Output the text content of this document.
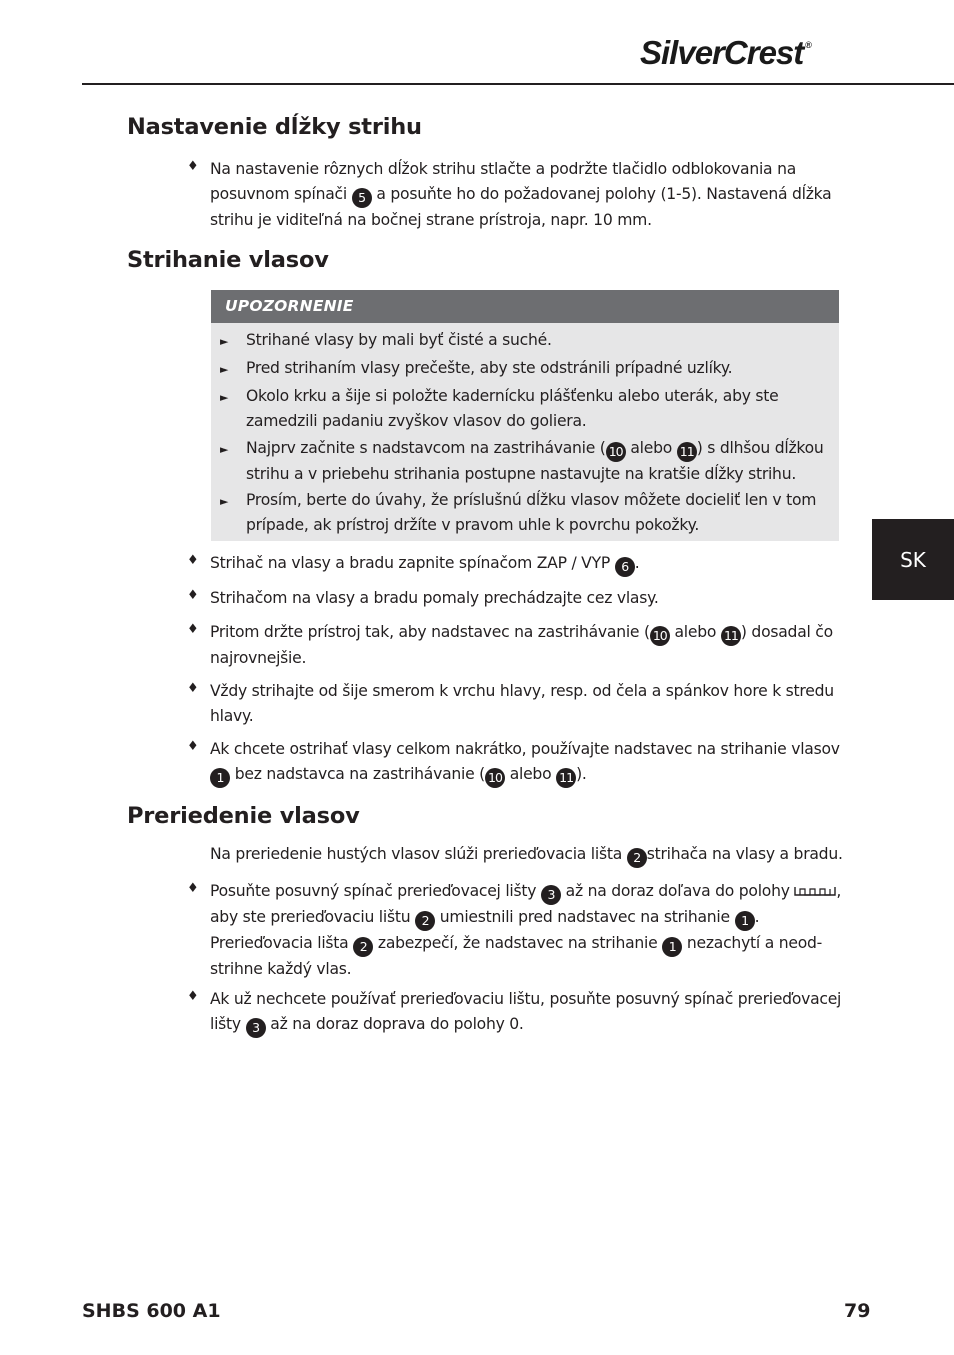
SilverCrest ®
SK
Nastavenie dĺžky strihu
♦ Na nastavenie rôznych dĺžok strihu stlačte a podržte tlačidlo odblokovania na posuvnom spínači 5 a posuňte ho do požadovanej polohy (1-5). Nastavená dĺžka strihu je viditeľná na bočnej strane prístroja, napr. 10 mm.
Strihanie vlasov
UPOZORNENIE
► Strihané vlasy by mali byť čisté a suché.
► Pred strihaním vlasy prečešte, aby ste odstránili prípadné uzlíky.
► Okolo krku a šije si položte kadernícku plášťenku alebo uterák, aby ste zamedzili padaniu zvyškov vlasov do goliera.
► Najprv začnite s nadstavcom na zastrihávanie ( 10 alebo 11 ) s dlhšou dĺžkou strihu a v priebehu strihania postupne nastavujte na kratšie dĺžky strihu.
► Prosím, berte do úvahy, že príslušnú dĺžku vlasov môžete docieliť len v tom prípade, ak prístroj držíte v pravom uhle k povrchu pokožky.
♦ Strihač na vlasy a bradu zapnite spínačom ZAP / VYP 6 .
♦ Strihačom na vlasy a bradu pomaly prechádzajte cez vlasy.
♦ Pritom držte prístroj tak, aby nadstavec na zastrihávanie ( 10 alebo 11 ) dosadal čo najrovnejšie.
♦ Vždy strihajte od šije smerom k vrchu hlavy, resp. od čela a spánkov hore k stredu hlavy.
♦ Ak chcete ostrihať vlasy celkom nakrátko, používajte nadstavec na strihanie vlasov 1 bez nadstavca na zastrihávanie ( 10 alebo 11 ).
Preriedenie vlasov
Na preriedenie hustých vlasov slúži prerieďovacia lišta 2 strihača na vlasy a bradu.
♦ Posuňte posuvný spínač prerieďovacej lišty 3 až na doraz doľava do polohy	, aby ste prerieďovaciu lištu 2 umiestnili pred nadstavec na strihanie 1 . Prerieďovacia lišta 2 zabezpečí, že nadstavec na strihanie 1 nezachytí a neod-strihne každý vlas.
♦ Ak už nechcete používať prerieďovaciu lištu, posuňte posuvný spínač prerieďovacej lišty 3 až na doraz doprava do polohy 0.
SHBS 600 A1	79
